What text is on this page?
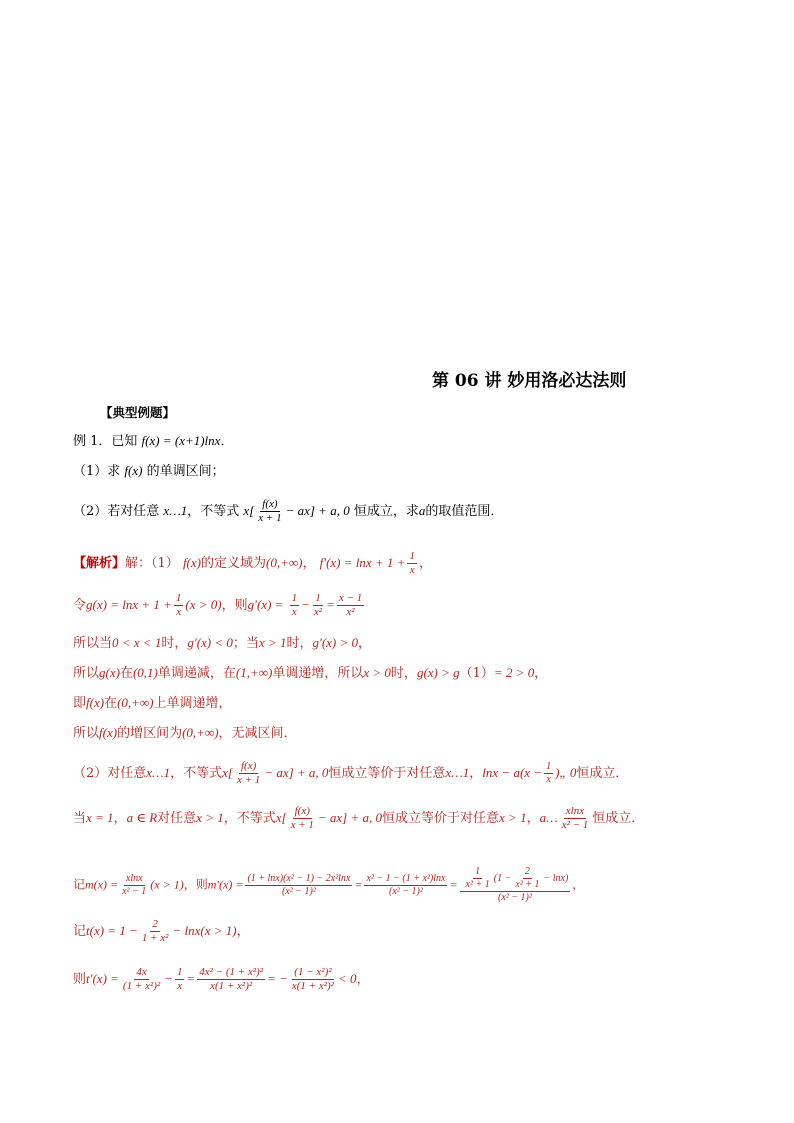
第 06 讲 妙用洛必达法则
【典型例题】
例 1．已知 f(x) = (x+1)lnx．
（1）求 f(x) 的单调区间；
（2）若对任意 x…1，不等式 $x[ \frac{f(x)}{x + 1} - ax] + a$, 0 恒成立，求a的取值范围．
【解析】解：（1） f(x)的定义域为(0,+∞)， $f'(x) = \ln x + 1 + \frac{1}{x}$ ，
令$g(x) = \ln x + 1 + \frac{1}{x} (x > 0)$，则$g'(x) = \frac{1}{x} - \frac{1}{\text{x²}} = \frac{x - 1}{\text{x²}}$
所以当0 < x < 1时，g′(x) < 0；当x > 1时，g′(x) > 0，
所以g(x)在(0,1)单调递减，在(1,+∞)单调递增，所以x > 0时，g(x) > g（1）= 2 > 0，
即f(x)在(0,+∞)上单调递增，
所以f(x)的增区间为(0,+∞)，无减区间．
（2）对任意x…1，不等式$x[ \frac{f(x)}{x + 1} - ax] + a$, 0恒成立等价于对任意x…1，$\ln x - a(x - \frac{1}{x}$ )„ 0恒成立．
当x = 1，a ∈ R对任意x > 1，不等式$x[ \frac{f(x)}{x + 1} - ax] + a$, 0恒成立等价于对任意x > 1，a… $\frac{xlnx}{\text{x² − 1}}$ 恒成立．
记$m(x) = \frac{xlnx}{\text{x² − 1}} (x > 1)$，则$m'(x) = \frac{\text{(1 + lnx)(x² − 1) − 2x²lnx}}{\text{(x² − 1)²}} = \frac{\text{x² − 1 − (1 + x²)lnx}}{\text{(x² − 1)²}} = \frac{\frac{1}{\text{x² + 1}} (1 - \frac{2}{\text{x² + 1}} - \ln x)}{\text{(x² − 1)²}}$ ，
记$t(x) = 1 - \frac{2}{\text{1 + x²}} - \ln x(x > 1)$，
则$t'(x) = \frac{4x}{\text{(1 + x²)²}} - \frac{1}{x} = \frac{\text{4x² − (1 + x²)²}}{\text{x(1 + x²)²}}$ = − $\frac{\text{(1 − x²)²}}{\text{x(1 + x²)²}} < 0$，
